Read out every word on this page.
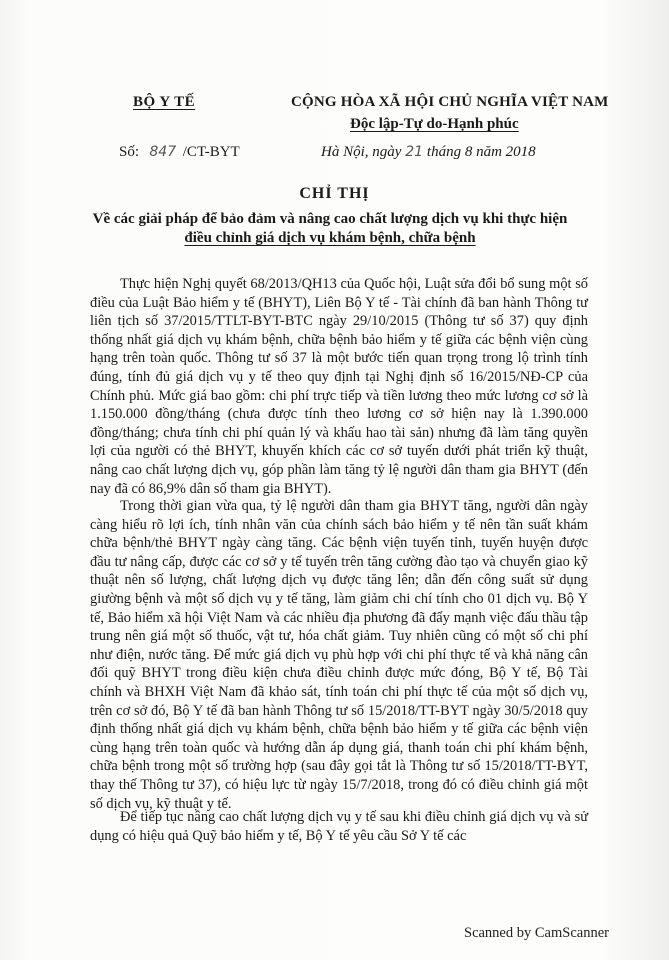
BỘ Y TẾ	CỘNG HÒA XÃ HỘI CHỦ NGHĨA VIỆT NAM
Độc lập-Tự do-Hạnh phúc
Số: 847 /CT-BYT	Hà Nội, ngày 21 tháng 8 năm 2018
CHỈ THỊ
Về các giải pháp để bảo đảm và nâng cao chất lượng dịch vụ khi thực hiện
điều chỉnh giá dịch vụ khám bệnh, chữa bệnh

Thực hiện Nghị quyết 68/2013/QH13 của Quốc hội, Luật sửa đổi bổ sung một số điều của Luật Bảo hiểm y tế (BHYT), Liên Bộ Y tế - Tài chính đã ban hành Thông tư liên tịch số 37/2015/TTLT-BYT-BTC ngày 29/10/2015 (Thông tư số 37) quy định thống nhất giá dịch vụ khám bệnh, chữa bệnh bảo hiểm y tế giữa các bệnh viện cùng hạng trên toàn quốc. Thông tư số 37 là một bước tiến quan trọng trong lộ trình tính đúng, tính đủ giá dịch vụ y tế theo quy định tại Nghị định số 16/2015/NĐ-CP của Chính phủ. Mức giá bao gồm: chi phí trực tiếp và tiền lương theo mức lương cơ sở là 1.150.000 đồng/tháng (chưa được tính theo lương cơ sở hiện nay là 1.390.000 đồng/tháng; chưa tính chi phí quản lý và khấu hao tài sản) nhưng đã làm tăng quyền lợi của người có thẻ BHYT, khuyến khích các cơ sở tuyến dưới phát triển kỹ thuật, nâng cao chất lượng dịch vụ, góp phần làm tăng tỷ lệ người dân tham gia BHYT (đến nay đã có 86,9% dân số tham gia BHYT).

Trong thời gian vừa qua, tỷ lệ người dân tham gia BHYT tăng, người dân ngày càng hiểu rõ lợi ích, tính nhân văn của chính sách bảo hiểm y tế nên tần suất khám chữa bệnh/thẻ BHYT ngày càng tăng. Các bệnh viện tuyến tỉnh, tuyến huyện được đầu tư nâng cấp, được các cơ sở y tế tuyến trên tăng cường đào tạo và chuyển giao kỹ thuật nên số lượng, chất lượng dịch vụ được tăng lên; dẫn đến công suất sử dụng giường bệnh và một số dịch vụ y tế tăng, làm giảm chi chí tính cho 01 dịch vụ. Bộ Y tế, Bảo hiểm xã hội Việt Nam và các nhiều địa phương đã đẩy mạnh việc đấu thầu tập trung nên giá một số thuốc, vật tư, hóa chất giảm. Tuy nhiên cũng có một số chi phí như điện, nước tăng. Để mức giá dịch vụ phù hợp với chi phí thực tế và khả năng cân đối quỹ BHYT trong điều kiện chưa điều chỉnh được mức đóng, Bộ Y tế, Bộ Tài chính và BHXH Việt Nam đã khảo sát, tính toán chi phí thực tế của một số dịch vụ, trên cơ sở đó, Bộ Y tế đã ban hành Thông tư số 15/2018/TT-BYT ngày 30/5/2018 quy định thống nhất giá dịch vụ khám bệnh, chữa bệnh bảo hiểm y tế giữa các bệnh viện cùng hạng trên toàn quốc và hướng dẫn áp dụng giá, thanh toán chi phí khám bệnh, chữa bệnh trong một số trường hợp (sau đây gọi tắt là Thông tư số 15/2018/TT-BYT, thay thế Thông tư 37), có hiệu lực từ ngày 15/7/2018, trong đó có điều chỉnh giá một số dịch vụ, kỹ thuật y tế.

Để tiếp tục nâng cao chất lượng dịch vụ y tế sau khi điều chỉnh giá dịch vụ và sử dụng có hiệu quả Quỹ bảo hiểm y tế, Bộ Y tế yêu cầu Sở Y tế các

Scanned by CamScanner
